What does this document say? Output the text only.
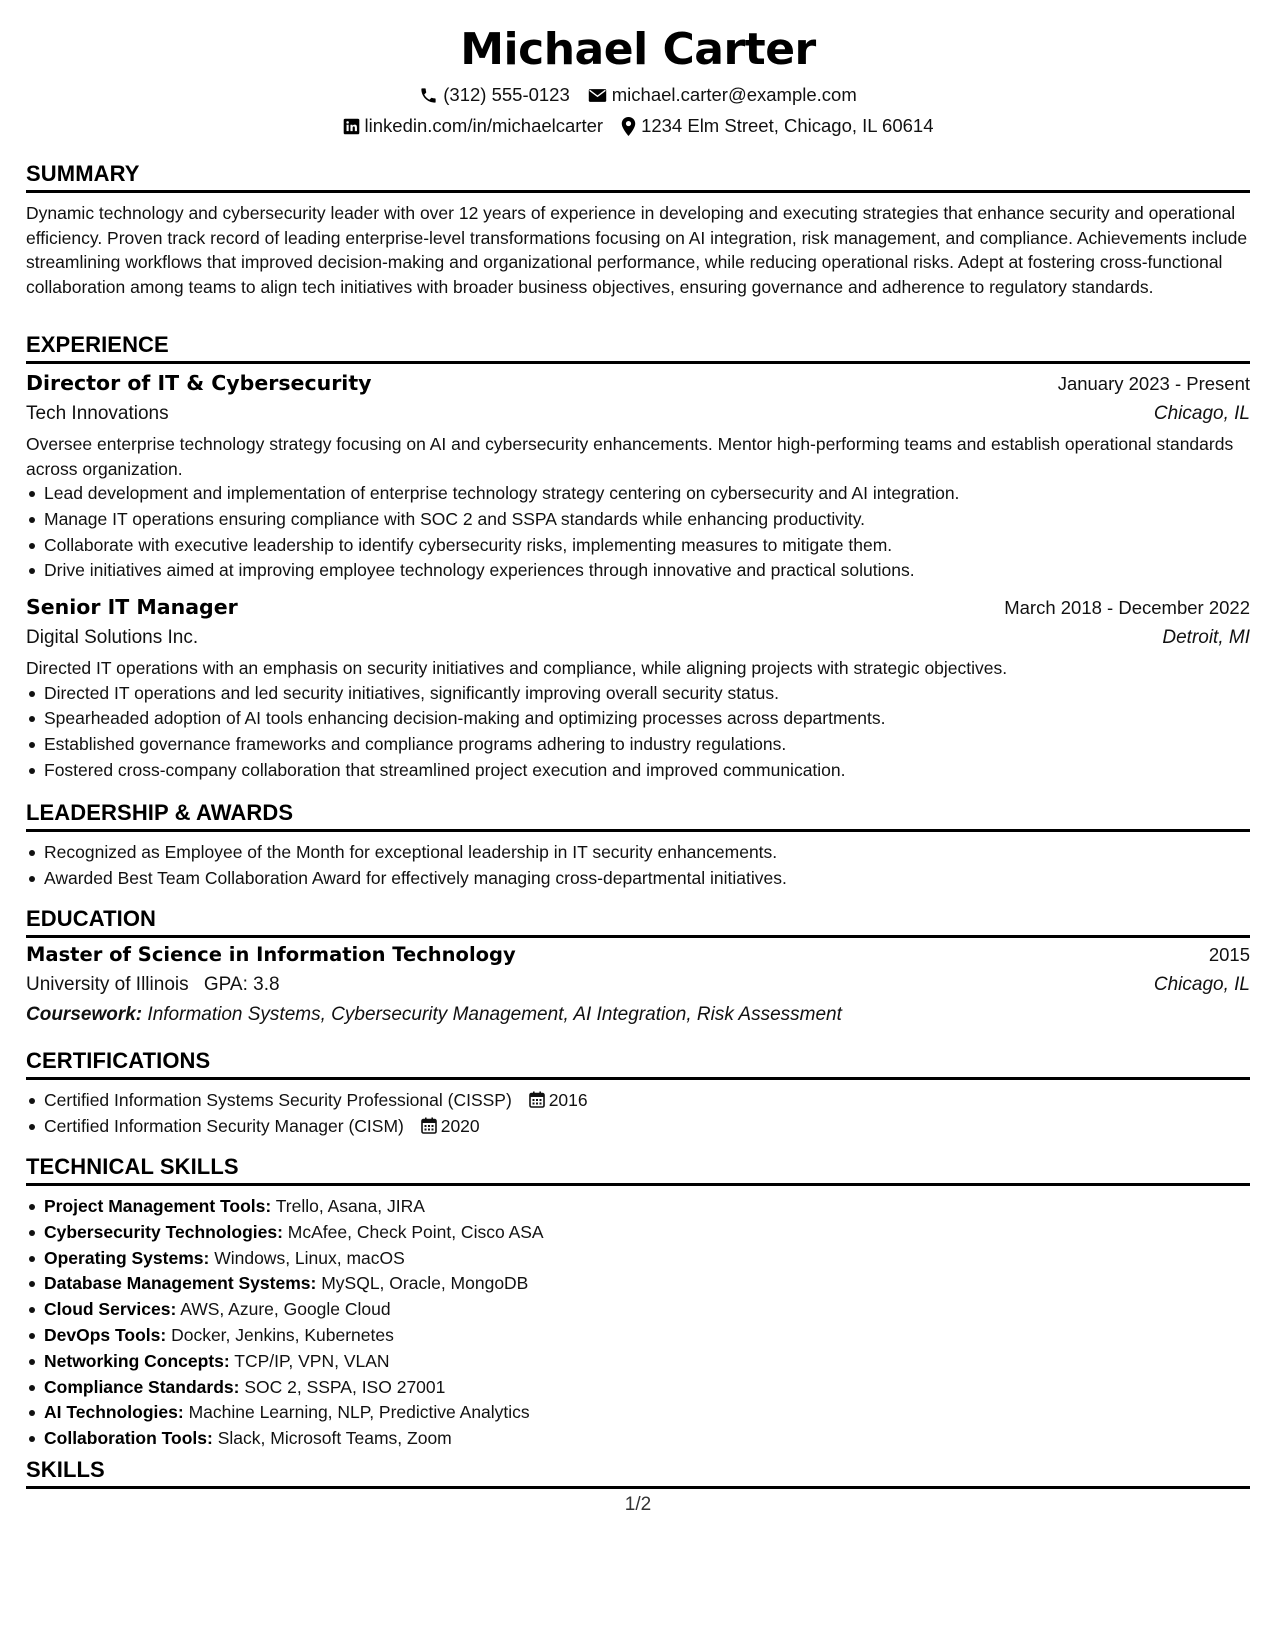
Michael Carter
(312) 555-0123 michael.carter@example.com
linkedin.com/in/michaelcarter 1234 Elm Street, Chicago, IL 60614
SUMMARY

Dynamic technology and cybersecurity leader with over 12 years of experience in developing and executing strategies that enhance security and operational efficiency. Proven track record of leading enterprise-level transformations focusing on AI integration, risk management, and compliance. Achievements include streamlining workflows that improved decision-making and organizational performance, while reducing operational risks. Adept at fostering cross-functional collaboration among teams to align tech initiatives with broader business objectives, ensuring governance and adherence to regulatory standards.

EXPERIENCE
Director of IT & Cybersecurity	January 2023 - Present
Tech Innovations	Chicago, IL

Oversee enterprise technology strategy focusing on AI and cybersecurity enhancements. Mentor high-performing teams and establish operational standards across organization.

Lead development and implementation of enterprise technology strategy centering on cybersecurity and AI integration.
Manage IT operations ensuring compliance with SOC 2 and SSPA standards while enhancing productivity.
Collaborate with executive leadership to identify cybersecurity risks, implementing measures to mitigate them.
Drive initiatives aimed at improving employee technology experiences through innovative and practical solutions.
Senior IT Manager	March 2018 - December 2022
Digital Solutions Inc.	Detroit, MI

Directed IT operations with an emphasis on security initiatives and compliance, while aligning projects with strategic objectives.

Directed IT operations and led security initiatives, significantly improving overall security status.
Spearheaded adoption of AI tools enhancing decision-making and optimizing processes across departments.
Established governance frameworks and compliance programs adhering to industry regulations.
Fostered cross-company collaboration that streamlined project execution and improved communication.
LEADERSHIP & AWARDS
Recognized as Employee of the Month for exceptional leadership in IT security enhancements.
Awarded Best Team Collaboration Award for effectively managing cross-departmental initiatives.
EDUCATION
Master of Science in Information Technology	2015
University of Illinois GPA: 3.8	Chicago, IL
Coursework: Information Systems, Cybersecurity Management, AI Integration, Risk Assessment
CERTIFICATIONS
Certified Information Systems Security Professional (CISSP) 2016
Certified Information Security Manager (CISM) 2020
TECHNICAL SKILLS
Project Management Tools: Trello, Asana, JIRA
Cybersecurity Technologies: McAfee, Check Point, Cisco ASA
Operating Systems: Windows, Linux, macOS
Database Management Systems: MySQL, Oracle, MongoDB
Cloud Services: AWS, Azure, Google Cloud
DevOps Tools: Docker, Jenkins, Kubernetes
Networking Concepts: TCP/IP, VPN, VLAN
Compliance Standards: SOC 2, SSPA, ISO 27001
AI Technologies: Machine Learning, NLP, Predictive Analytics
Collaboration Tools: Slack, Microsoft Teams, Zoom
SKILLS
1/2
